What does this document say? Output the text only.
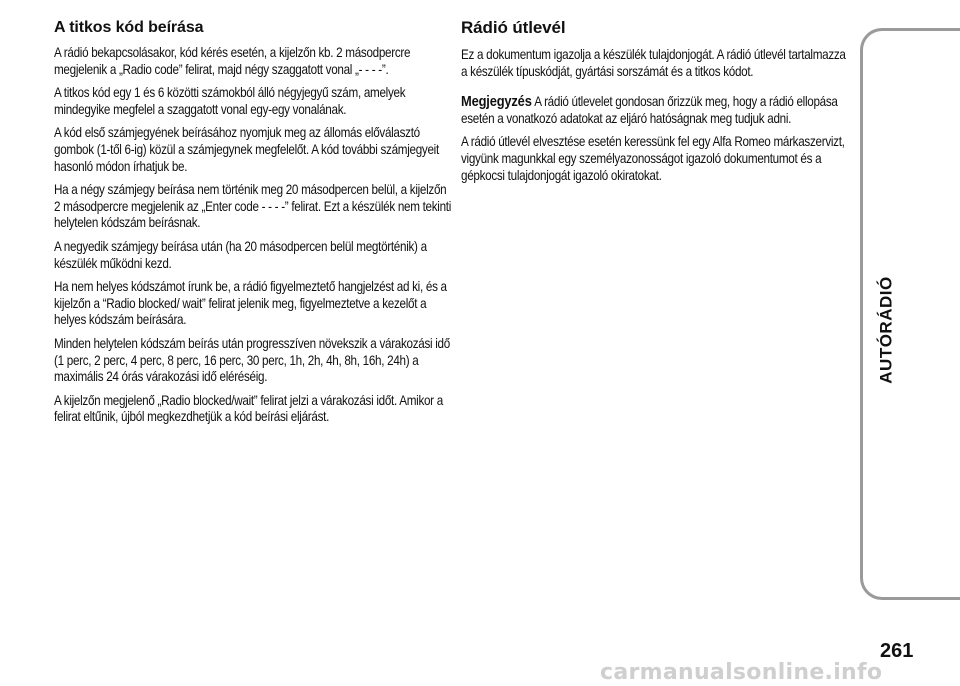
A titkos kód beírása

A rádió bekapcsolásakor, kód kérés esetén, a kijelzőn kb. 2 másodpercre megjelenik a „Radio code” felirat, majd négy szaggatott vonal „- - - -”.

A titkos kód egy 1 és 6 közötti számokból álló négyjegyű szám, amelyek mindegyike megfelel a szaggatott vonal egy-egy vonalának.

A kód első számjegyének beírásához nyomjuk meg az állomás előválasztó gombok (1-től 6-ig) közül a számjegynek megfelelőt. A kód további számjegyeit hasonló módon írhatjuk be.

Ha a négy számjegy beírása nem történik meg 20 másodpercen belül, a kijelzőn 2 másodpercre megjelenik az „Enter code - - - -” felirat. Ezt a készülék nem tekinti helytelen kódszám beírásnak.

A negyedik számjegy beírása után (ha 20 másodpercen belül megtörténik) a készülék működni kezd.

Ha nem helyes kódszámot írunk be, a rádió figyelmeztető hangjelzést ad ki, és a kijelzőn a “Radio blocked/ wait” felirat jelenik meg, figyelmeztetve a kezelőt a helyes kódszám beírására.

Minden helytelen kódszám beírás után progresszíven növekszik a várakozási idő (1 perc, 2 perc, 4 perc, 8 perc, 16 perc, 30 perc, 1h, 2h, 4h, 8h, 16h, 24h) a maximális 24 órás várakozási idő eléréséig.

A kijelzőn megjelenő „Radio blocked/wait” felirat jelzi a várakozási időt. Amikor a felirat eltűnik, újból megkezdhetjük a kód beírási eljárást.

Rádió útlevél

Ez a dokumentum igazolja a készülék tulajdonjogát. A rádió útlevél tartalmazza a készülék típuskódját, gyártási sorszámát és a titkos kódot.

Megjegyzés A rádió útlevelet gondosan őrizzük meg, hogy a rádió ellopása esetén a vonatkozó adatokat az eljáró hatóságnak meg tudjuk adni.

A rádió útlevél elvesztése esetén keressünk fel egy Alfa Romeo márkaszervizt, vigyünk magunkkal egy személyazonosságot igazoló dokumentumot és a gépkocsi tulajdonjogát igazoló okiratokat.

AUTÓRÁDIÓ
261
carmanualsonline.info
